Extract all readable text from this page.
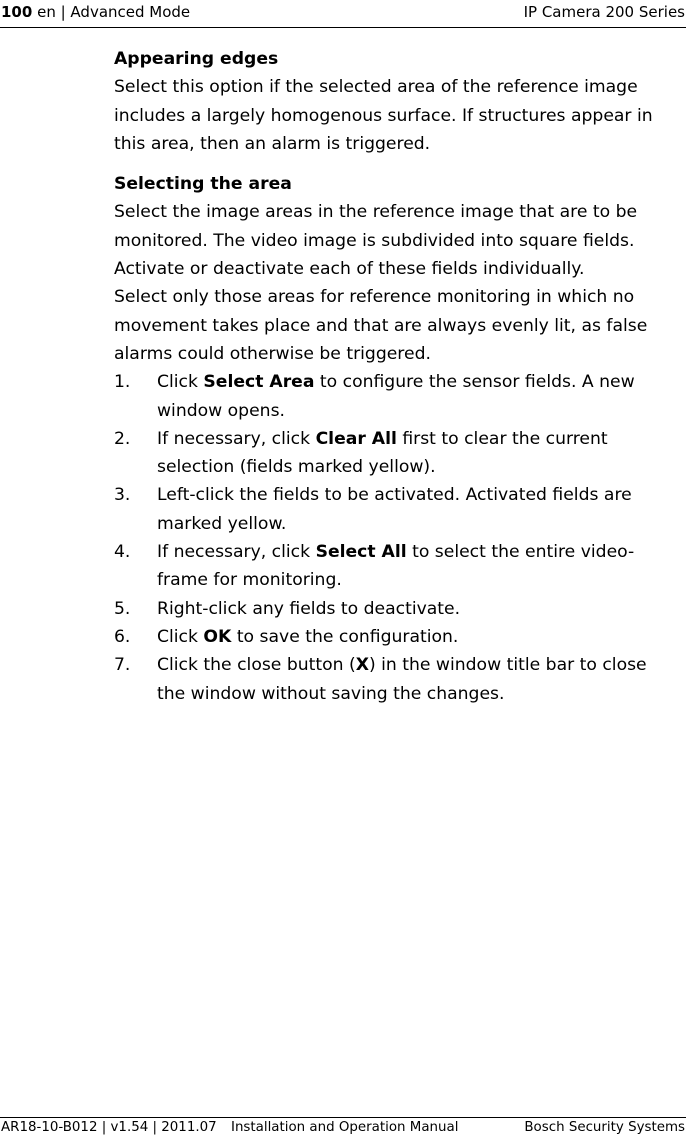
100 en | Advanced Mode	IP Camera 200 Series
Appearing edges

Select this option if the selected area of the reference image includes a largely homogenous surface. If structures appear in this area, then an alarm is triggered.

Selecting the area

Select the image areas in the reference image that are to be monitored. The video image is subdivided into square fields. Activate or deactivate each of these fields individually.

Select only those areas for reference monitoring in which no movement takes place and that are always evenly lit, as false alarms could otherwise be triggered.

1. Click Select Area to configure the sensor fields. A new window opens.
2. If necessary, click Clear All first to clear the current selection (fields marked yellow).
3. Left-click the fields to be activated. Activated fields are marked yellow.
4. If necessary, click Select All to select the entire video-frame for monitoring.
5. Right-click any fields to deactivate.
6. Click OK to save the configuration.
7. Click the close button (X) in the window title bar to close the window without saving the changes.
AR18-10-B012 | v1.54 | 2011.07 Installation and Operation Manual	Bosch Security Systems
